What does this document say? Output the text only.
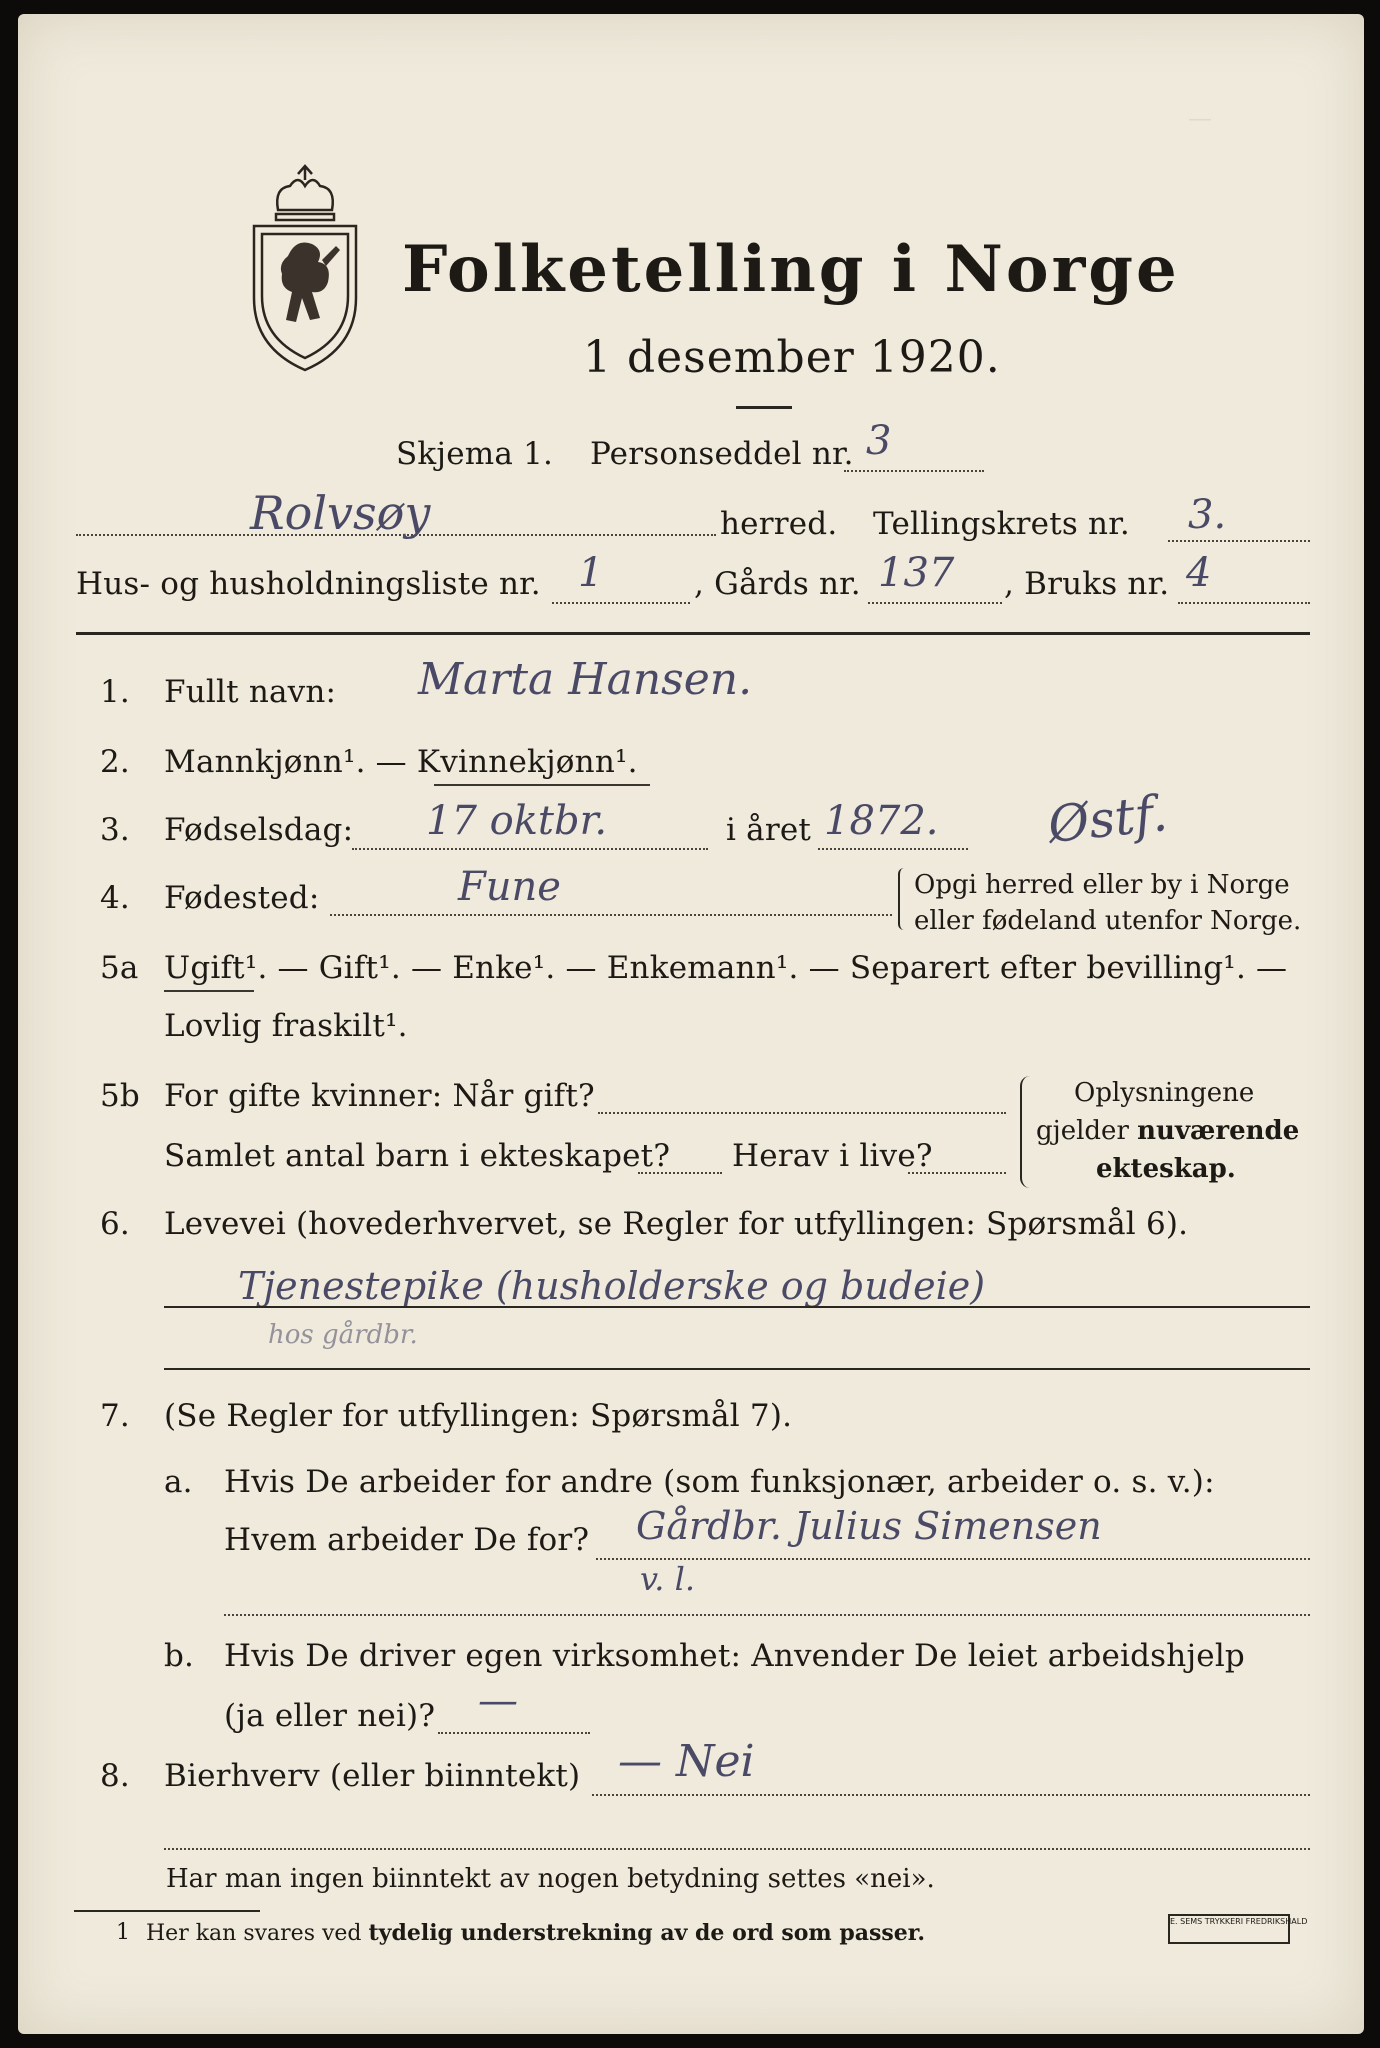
—
Folketelling i Norge
1 desember 1920.
Skjema 1. Personseddel nr. 3
Rolvsøy	herred. Tellingskrets nr. 3.
Hus- og husholdningsliste nr. 1	, Gårds nr. 137 , Bruks nr. 4
1. Fullt navn: Marta Hansen.
2. Mannkjønn¹. — Kvinnekjønn¹.
3. Fødselsdag: 17 oktbr.	i året 1872. Østf.
4. Fødested:	Fune	Opgi herred eller by i Norge
eller fødeland utenfor Norge.
5a Ugift¹. — Gift¹. — Enke¹. — Enkemann¹. — Separert efter bevilling¹. —
Lovlig fraskilt¹.
5b For gifte kvinner: Når gift?
Samlet antal barn i ekteskapet? Herav i live?
Oplysningene
gjelder nuværende
ekteskap.
6. Levevei (hovederhvervet, se Regler for utfyllingen: Spørsmål 6).
Tjenestepike (husholderske og budeie)
hos gårdbr.
7. (Se Regler for utfyllingen: Spørsmål 7).
a. Hvis De arbeider for andre (som funksjonær, arbeider o. s. v.):
Hvem arbeider De for? Gårdbr. Julius Simensen
v. l.
b. Hvis De driver egen virksomhet: Anvender De leiet arbeidshjelp
(ja eller nei)? —
8. Bierhverv (eller biinntekt) — Nei
Har man ingen biinntekt av nogen betydning settes «nei».
1 Her kan svares ved tydelig understrekning av de ord som passer.	E. SEMS TRYKKERI FREDRIKSHALD
